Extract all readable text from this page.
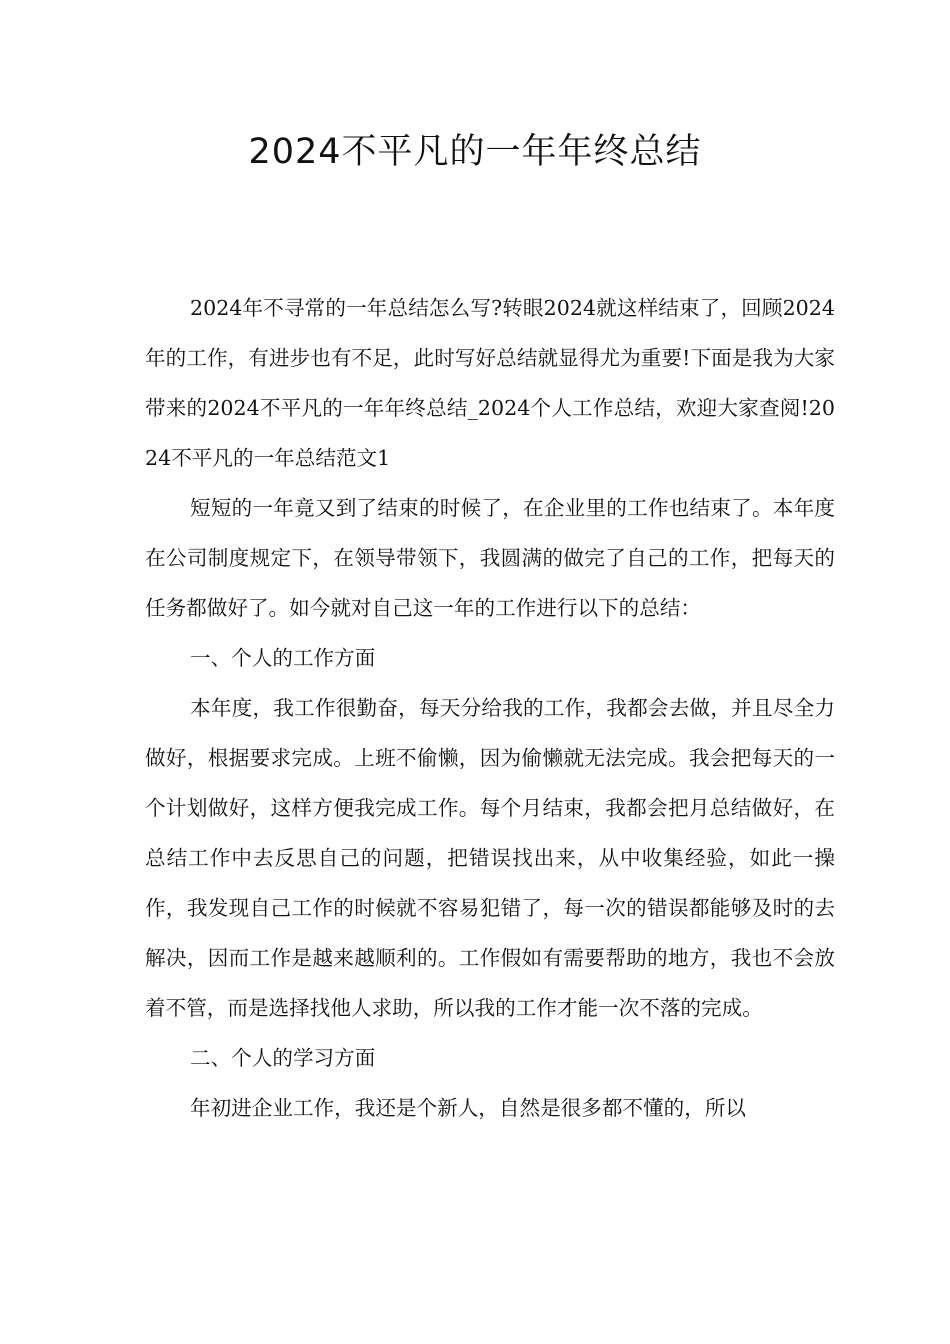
2024不平凡的一年年终总结

2024年不寻常的一年总结怎么写?转眼2024就这样结束了，回顾2024年的工作，有进步也有不足，此时写好总结就显得尤为重要!下面是我为大家带来的2024不平凡的一年年终总结_2024个人工作总结，欢迎大家查阅!2024不平凡的一年总结范文1

短短的一年竟又到了结束的时候了，在企业里的工作也结束了。本年度在公司制度规定下，在领导带领下，我圆满的做完了自己的工作，把每天的任务都做好了。如今就对自己这一年的工作进行以下的总结：

一、个人的工作方面

本年度，我工作很勤奋，每天分给我的工作，我都会去做，并且尽全力做好，根据要求完成。上班不偷懒，因为偷懒就无法完成。我会把每天的一个计划做好，这样方便我完成工作。每个月结束，我都会把月总结做好，在总结工作中去反思自己的问题，把错误找出来，从中收集经验，如此一操作，我发现自己工作的时候就不容易犯错了，每一次的错误都能够及时的去解决，因而工作是越来越顺利的。工作假如有需要帮助的地方，我也不会放着不管，而是选择找他人求助，所以我的工作才能一次不落的完成。

二、个人的学习方面

年初进企业工作，我还是个新人，自然是很多都不懂的，所以
